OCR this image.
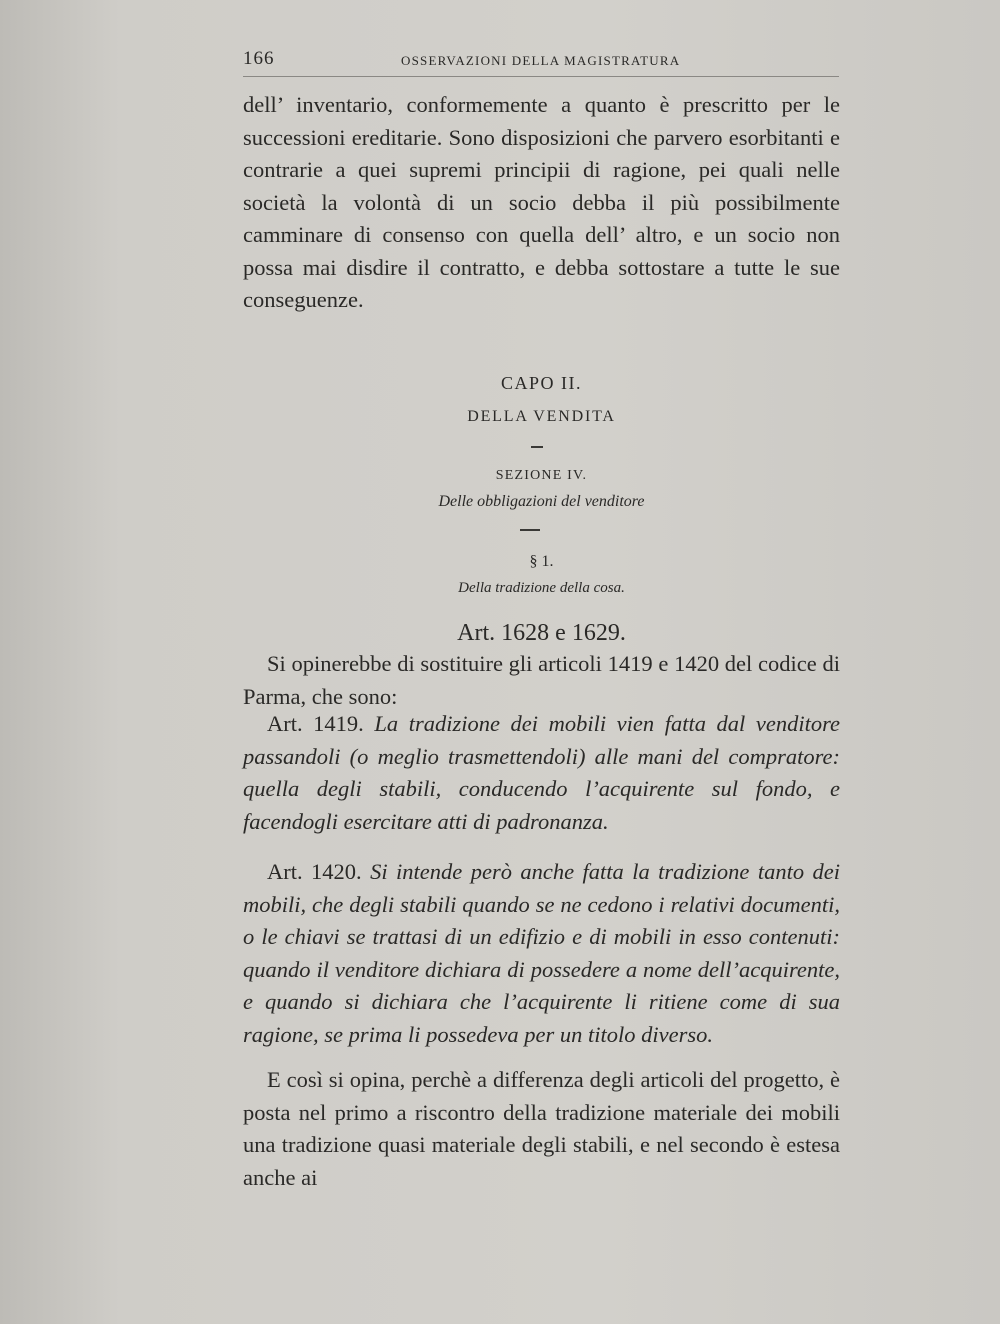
166	OSSERVAZIONI DELLA MAGISTRATURA

dell’ inventario, conformemente a quanto è prescritto per le successioni ereditarie. Sono disposizioni che parvero esorbitanti e contrarie a quei supremi principii di ragione, pei quali nelle società la volontà di un socio debba il più possibilmente camminare di consenso con quella dell’ altro, e un socio non possa mai disdire il contratto, e debba sottostare a tutte le sue conseguenze.

CAPO II.
DELLA VENDITA
SEZIONE IV.
Delle obbligazioni del venditore
§ 1.
Della tradizione della cosa.
Art. 1628 e 1629.

Si opinerebbe di sostituire gli articoli 1419 e 1420 del codice di Parma, che sono:

Art. 1419. La tradizione dei mobili vien fatta dal venditore passandoli (o meglio trasmettendoli) alle mani del compratore: quella degli stabili, conducendo l’acquirente sul fondo, e facendogli esercitare atti di padronanza.

Art. 1420. Si intende però anche fatta la tradizione tanto dei mobili, che degli stabili quando se ne cedono i relativi documenti, o le chiavi se trattasi di un edifizio e di mobili in esso contenuti: quando il venditore dichiara di possedere a nome dell’acquirente, e quando si dichiara che l’acquirente li ritiene come di sua ragione, se prima li possedeva per un titolo diverso.

E così si opina, perchè a differenza degli articoli del progetto, è posta nel primo a riscontro della tradizione materiale dei mobili una tradizione quasi materiale degli stabili, e nel secondo è estesa anche ai
